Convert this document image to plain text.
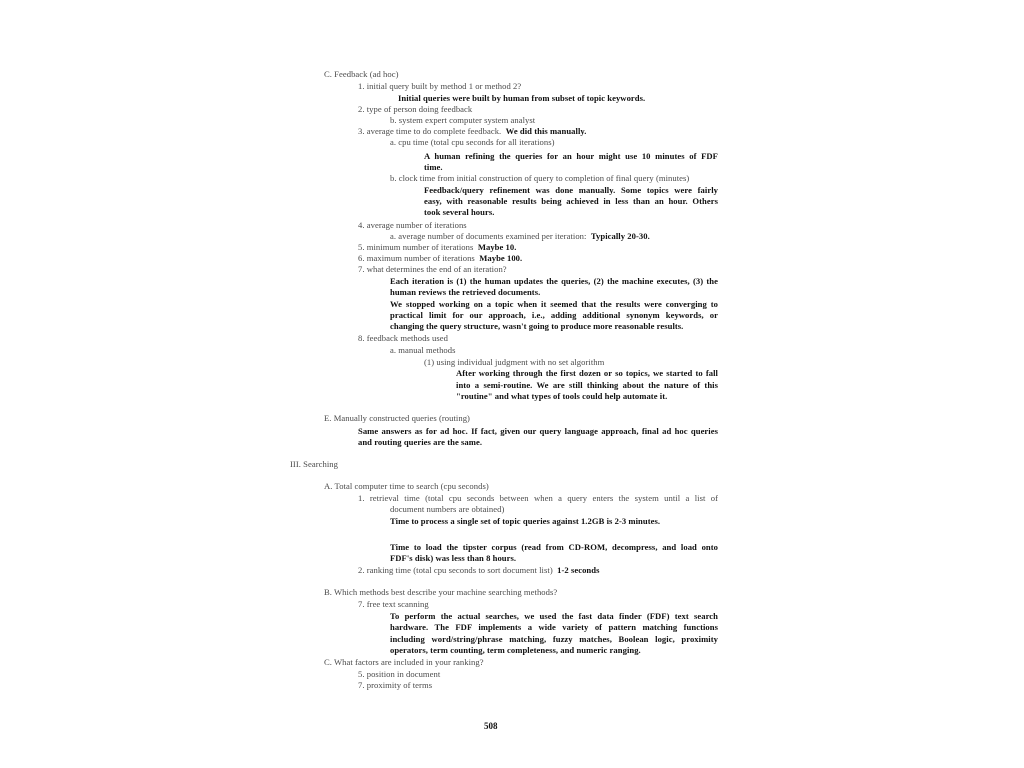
C. Feedback (ad hoc)
1. initial query built by method 1 or method 2?
Initial queries were built by human from subset of topic keywords.
2. type of person doing feedback
b. system expert computer system analyst
3. average time to do complete feedback. We did this manually.
a. cpu time (total cpu seconds for all iterations)
A human refining the queries for an hour might use 10 minutes of FDF
time.
b. clock time from initial construction of query to completion of final query (minutes)
Feedback/query refinement was done manually. Some topics were fairly
easy, with reasonable results being achieved in less than an hour. Others
took several hours.
4. average number of iterations
a. average number of documents examined per iteration: Typically 20-30.
5. minimum number of iterations Maybe 10.
6. maximum number of iterations Maybe 100.
7. what determines the end of an iteration?
Each iteration is (1) the human updates the queries, (2) the machine executes, (3) the
human reviews the retrieved documents.
We stopped working on a topic when it seemed that the results were converging to
practical limit for our approach, i.e., adding additional synonym keywords, or
changing the query structure, wasn't going to produce more reasonable results.
8. feedback methods used
a. manual methods
(1) using individual judgment with no set algorithm
After working through the first dozen or so topics, we started to fall
into a semi-routine. We are still thinking about the nature of this
"routine" and what types of tools could help automate it.
E. Manually constructed queries (routing)
Same answers as for ad hoc. If fact, given our query language approach, final ad hoc queries
and routing queries are the same.
III. Searching
A. Total computer time to search (cpu seconds)
1. retrieval time (total cpu seconds between when a query enters the system until a list of
document numbers are obtained)
Time to process a single set of topic queries against 1.2GB is 2-3 minutes.
Time to load the tipster corpus (read from CD-ROM, decompress, and load onto
FDF's disk) was less than 8 hours.
2. ranking time (total cpu seconds to sort document list) 1-2 seconds
B. Which methods best describe your machine searching methods?
7. free text scanning
To perform the actual searches, we used the fast data finder (FDF) text search
hardware. The FDF implements a wide variety of pattern matching functions
including word/string/phrase matching, fuzzy matches, Boolean logic, proximity
operators, term counting, term completeness, and numeric ranging.
C. What factors are included in your ranking?
5. position in document
7. proximity of terms
508
